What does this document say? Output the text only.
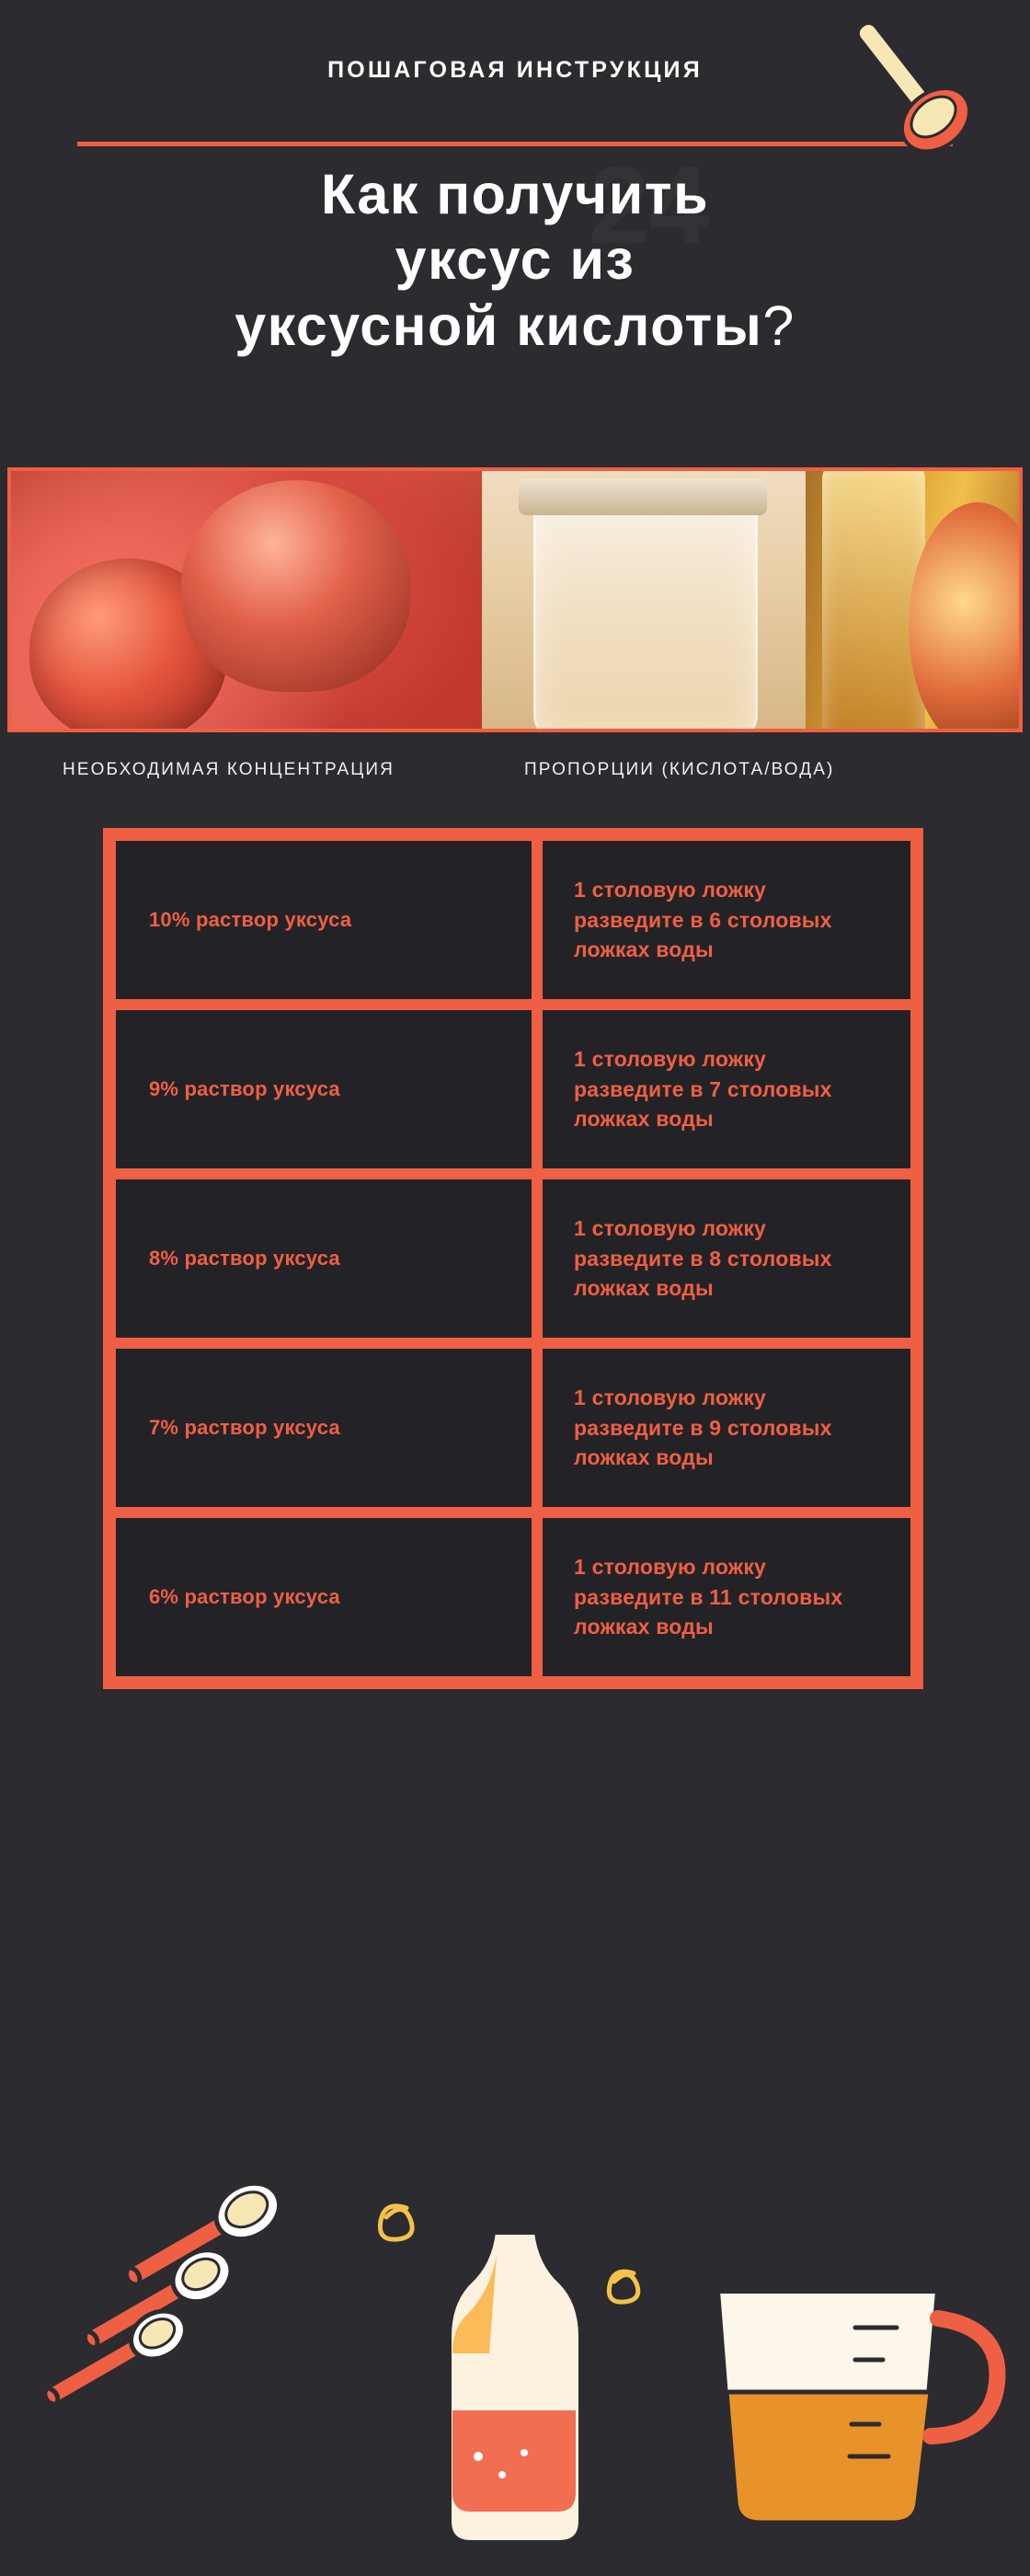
ПОШАГОВАЯ ИНСТРУКЦИЯ
Как получить
уксус из
уксусной кислоты?
НЕОБХОДИМАЯ КОНЦЕНТРАЦИЯ	ПРОПОРЦИИ (КИСЛОТА/ВОДА)
10% раствор уксуса
1 столовую ложку разведите в 6 столовых ложках воды
9% раствор уксуса
1 столовую ложку разведите в 7 столовых ложках воды
8% раствор уксуса
1 столовую ложку разведите в 8 столовых ложках воды
7% раствор уксуса
1 столовую ложку разведите в 9 столовых ложках воды
6% раствор уксуса
1 столовую ложку разведите в 11 столовых ложках воды
